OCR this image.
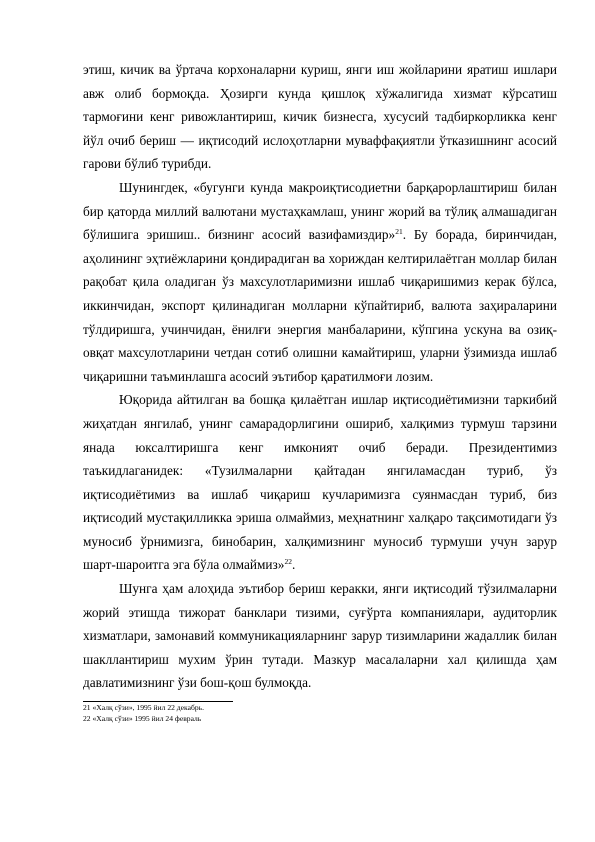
этиш, кичик ва ўртача корхоналарни куриш, янги иш жойларини яратиш ишлари авж олиб бормоқда. Ҳозирги кунда қишлоқ хўжалигида хизмат кўрсатиш тармоғини кенг ривожлантириш, кичик бизнесга, хусусий тадбиркорликка кенг йўл очиб бериш — иқтисодий ислоҳотларни муваффақиятли ўтказишнинг асосий гарови бўлиб турибди.

Шунингдек, «бугунги кунда макроиқтисодиетни барқарорлаштириш билан бир қаторда миллий валютани мустаҳкамлаш, унинг жорий ва тўлиқ алмашадиган бўлишига эришиш.. бизнинг асосий вазифамиздир»$^{21}$. Бу борада, биринчидан, аҳолининг эҳтиёжларини қондирадиган ва хориждан келтирилаётган моллар билан рақобат қила оладиган ўз махсулотларимизни ишлаб чиқаришимиз керак бўлса, иккинчидан, экспорт қилинадиган молларни кўпайтириб, валюта заҳираларини тўлдиришга, учинчидан, ёнилғи энергия манбаларини, кўпгина ускуна ва озиқ-овқат махсулотларини четдан сотиб олишни камайтириш, уларни ўзимизда ишлаб чиқаришни таъминлашга асосий эътибор қаратилмоғи лозим.

Юқорида айтилган ва бошқа қилаётган ишлар иқтисодиётимизни таркибий жиҳатдан янгилаб, унинг самарадорлигини ошириб, халқимиз турмуш тарзини янада юксалтиришга кенг имконият очиб беради. Президентимиз таъкидлаганидек: «Тузилмаларни қайтадан янгиламасдан туриб, ўз иқтисодиётимиз ва ишлаб чиқариш кучларимизга суянмасдан туриб, биз иқтисодий мустақилликка эриша олмаймиз, меҳнатнинг халқаро тақсимотидаги ўз муносиб ўрнимизга, бинобарин, халқимизнинг муносиб турмуши учун зарур шарт-шароитга эга бўла олмаймиз»$^{22}$.

Шунга ҳам алоҳида эътибор бериш керакки, янги иқтисодий тўзилмаларни жорий этишда тижорат банклари тизими, суғўрта компаниялари, аудиторлик хизматлари, замонавий коммуникацияларнинг зарур тизимларини жадаллик билан шакллантириш мухим ўрин тутади. Мазкур масалаларни хал қилишда ҳам давлатимизнинг ўзи бош-қош булмоқда.

21 «Халқ сўзи», 1995 йил 22 декабрь.

22 «Халқ сўзи» 1995 йил 24 февраль
